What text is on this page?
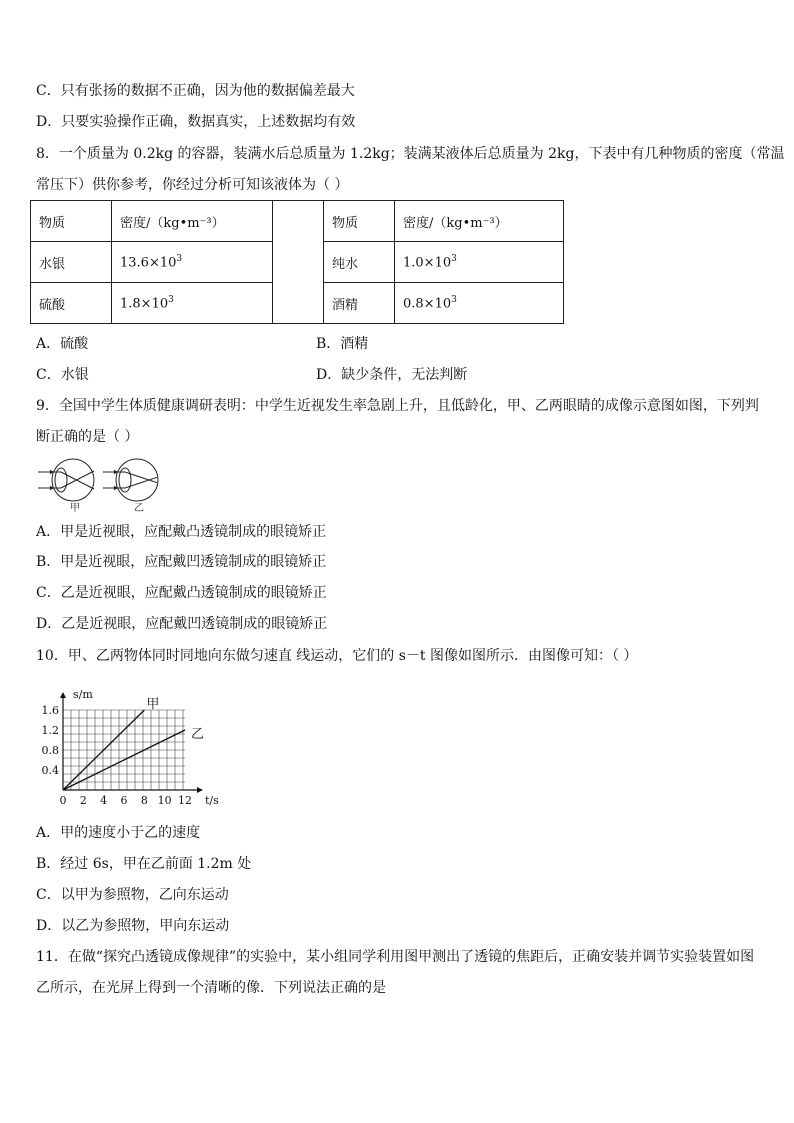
C．只有张扬的数据不正确，因为他的数据偏差最大
D．只要实验操作正确，数据真实，上述数据均有效
8．一个质量为 0.2kg 的容器，装满水后总质量为 1.2kg；装满某液体后总质量为 2kg，下表中有几种物质的密度（常温
常压下）供你参考，你经过分析可知该液体为（ ）
物质	密度/（kg•m⁻³）		物质	密度/（kg•m⁻³）
水银	$13.6\times 10^3$		纯水	$1.0\times 10^3$
硫酸	$1.8\times 10^3$		酒精	$0.8\times 10^3$
A．硫酸	B．酒精
C．水银	D．缺少条件，无法判断
9．全国中学生体质健康调研表明：中学生近视发生率急剧上升，且低龄化，甲、乙两眼睛的成像示意图如图，下列判
断正确的是（ ）
甲	乙
A．甲是近视眼，应配戴凸透镜制成的眼镜矫正
B．甲是近视眼，应配戴凹透镜制成的眼镜矫正
C．乙是近视眼，应配戴凸透镜制成的眼镜矫正
D．乙是近视眼，应配戴凹透镜制成的眼镜矫正
10．甲、乙两物体同时同地向东做匀速直 线运动，它们的 s－t 图像如图所示．由图像可知：（ ）
0 2 4 6 8 10 12
0.4
0.8
1.2
1.6
t/s
s/m
甲
乙
A．甲的速度小于乙的速度
B．经过 6s，甲在乙前面 1.2m 处
C．以甲为参照物，乙向东运动
D．以乙为参照物，甲向东运动
11．在做“探究凸透镜成像规律”的实验中，某小组同学利用图甲测出了透镜的焦距后，正确安装并调节实验装置如图
乙所示，在光屏上得到一个清晰的像．下列说法正确的是
